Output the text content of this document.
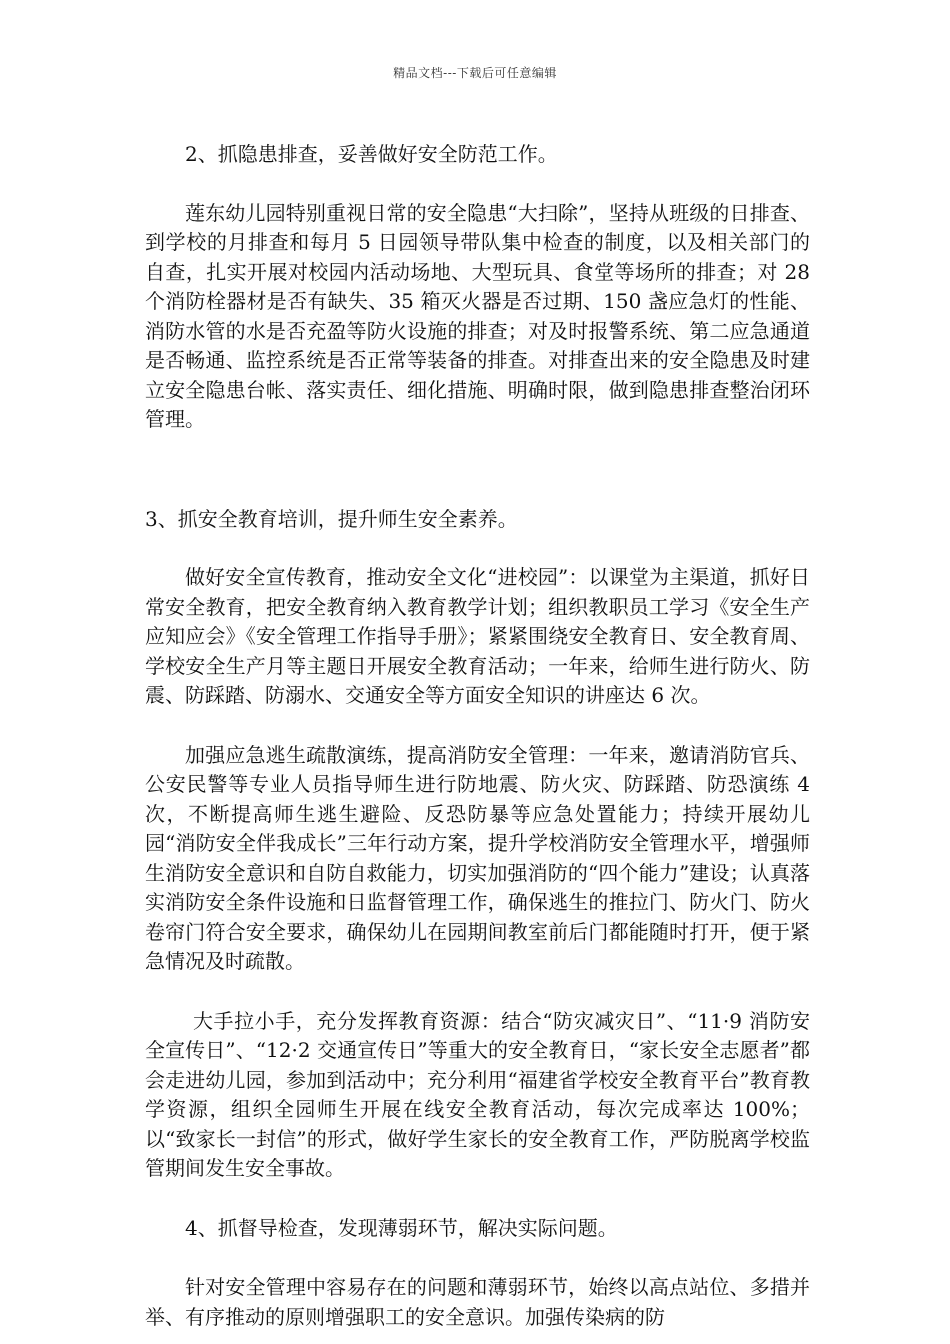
精品文档---下载后可任意编辑

2、抓隐患排查，妥善做好安全防范工作。

莲东幼儿园特别重视日常的安全隐患“大扫除”，坚持从班级的日排查、到学校的月排查和每月 5 日园领导带队集中检查的制度，以及相关部门的自查，扎实开展对校园内活动场地、大型玩具、食堂等场所的排查；对 28 个消防栓器材是否有缺失、35 箱灭火器是否过期、150 盏应急灯的性能、消防水管的水是否充盈等防火设施的排查；对及时报警系统、第二应急通道是否畅通、监控系统是否正常等装备的排查。对排查出来的安全隐患及时建立安全隐患台帐、落实责任、细化措施、明确时限，做到隐患排查整治闭环管理。

3、抓安全教育培训，提升师生安全素养。

做好安全宣传教育，推动安全文化“进校园”：以课堂为主渠道，抓好日常安全教育，把安全教育纳入教育教学计划；组织教职员工学习《安全生产应知应会》《安全管理工作指导手册》；紧紧围绕安全教育日、安全教育周、学校安全生产月等主题日开展安全教育活动；一年来，给师生进行防火、防震、防踩踏、防溺水、交通安全等方面安全知识的讲座达 6 次。

加强应急逃生疏散演练，提高消防安全管理：一年来，邀请消防官兵、公安民警等专业人员指导师生进行防地震、防火灾、防踩踏、防恐演练 4 次，不断提高师生逃生避险、反恐防暴等应急处置能力；持续开展幼儿园“消防安全伴我成长”三年行动方案，提升学校消防安全管理水平，增强师生消防安全意识和自防自救能力，切实加强消防的“四个能力”建设；认真落实消防安全条件设施和日监督管理工作，确保逃生的推拉门、防火门、防火卷帘门符合安全要求，确保幼儿在园期间教室前后门都能随时打开，便于紧急情况及时疏散。

大手拉小手，充分发挥教育资源：结合“防灾减灾日”、“11·9 消防安全宣传日”、“12·2 交通宣传日”等重大的安全教育日，“家长安全志愿者”都会走进幼儿园，参加到活动中；充分利用“福建省学校安全教育平台”教育教学资源，组织全园师生开展在线安全教育活动，每次完成率达 100%；以“致家长一封信”的形式，做好学生家长的安全教育工作，严防脱离学校监管期间发生安全事故。

4、抓督导检查，发现薄弱环节，解决实际问题。

针对安全管理中容易存在的问题和薄弱环节，始终以高点站位、多措并举、有序推动的原则增强职工的安全意识。加强传染病的防
